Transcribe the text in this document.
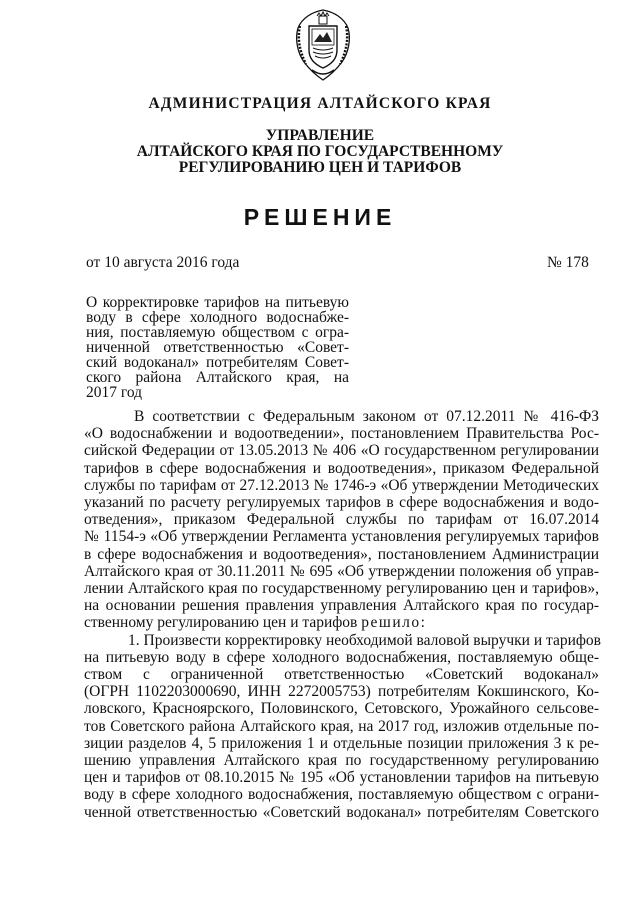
АДМИНИСТРАЦИЯ АЛТАЙСКОГО КРАЯ
УПРАВЛЕНИЕ
АЛТАЙСКОГО КРАЯ ПО ГОСУДАРСТВЕННОМУ
РЕГУЛИРОВАНИЮ ЦЕН И ТАРИФОВ
РЕШЕНИЕ
от 10 августа 2016 года	№ 178
О корректировке тарифов на питьевую
воду в сфере холодного водоснабже-
ния, поставляемую обществом с огра-
ниченной ответственностью «Совет-
ский водоканал» потребителям Совет-
ского района Алтайского края, на
2017 год
В соответствии с Федеральным законом от 07.12.2011 № 416-ФЗ
«О водоснабжении и водоотведении», постановлением Правительства Рос-
сийской Федерации от 13.05.2013 № 406 «О государственном регулировании
тарифов в сфере водоснабжения и водоотведения», приказом Федеральной
службы по тарифам от 27.12.2013 № 1746-э «Об утверждении Методических
указаний по расчету регулируемых тарифов в сфере водоснабжения и водо-
отведения», приказом Федеральной службы по тарифам от 16.07.2014
№ 1154-э «Об утверждении Регламента установления регулируемых тарифов
в сфере водоснабжения и водоотведения», постановлением Администрации
Алтайского края от 30.11.2011 № 695 «Об утверждении положения об управ-
лении Алтайского края по государственному регулированию цен и тарифов»,
на основании решения правления управления Алтайского края по государ-
ственному регулированию цен и тарифов решило:
1. Произвести корректировку необходимой валовой выручки и тарифов
на питьевую воду в сфере холодного водоснабжения, поставляемую обще-
ством с ограниченной ответственностью «Советский водоканал»
(ОГРН 1102203000690, ИНН 2272005753) потребителям Кокшинского, Ко-
ловского, Красноярского, Половинского, Сетовского, Урожайного сельсове-
тов Советского района Алтайского края, на 2017 год, изложив отдельные по-
зиции разделов 4, 5 приложения 1 и отдельные позиции приложения 3 к ре-
шению управления Алтайского края по государственному регулированию
цен и тарифов от 08.10.2015 № 195 «Об установлении тарифов на питьевую
воду в сфере холодного водоснабжения, поставляемую обществом с ограни-
ченной ответственностью «Советский водоканал» потребителям Советского
